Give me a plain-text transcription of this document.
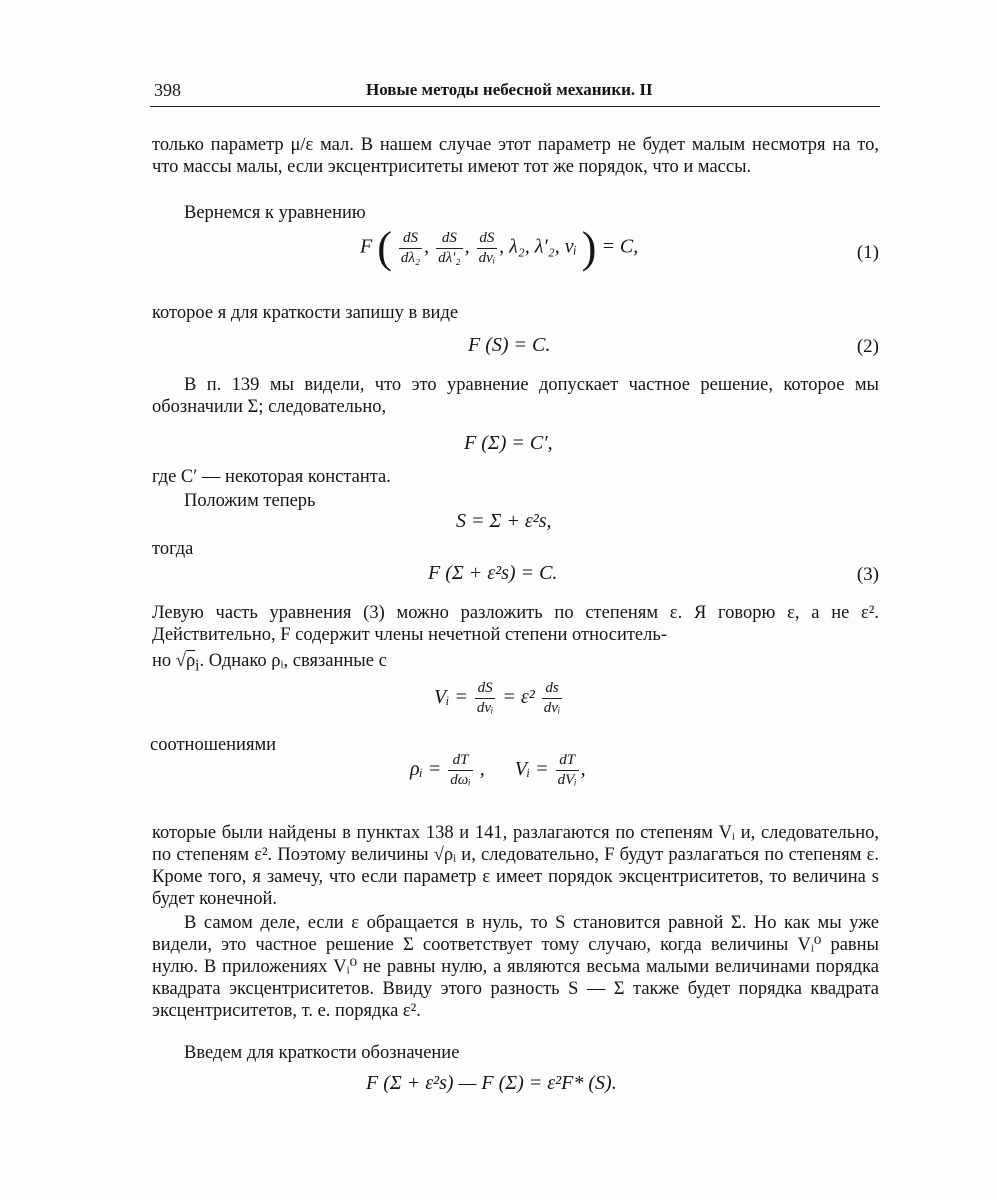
398	Новые методы небесной механики. II
только параметр μ/ε мал. В нашем случае этот параметр не будет малым несмотря на то, что массы малы, если эксцентриситеты имеют тот же порядок, что и массы.
Вернемся к уравнению
F ( $\frac{dS}{\text{dλ₂}}$ , $\frac{dS}{\text{dλ′₂}}$ , $\frac{dS}{\text{dνᵢ}}$ , λ₂, λ′₂, νᵢ ) = C,	(1)
которое я для краткости запишу в виде
F (S) = C.	(2)
В п. 139 мы видели, что это уравнение допускает частное решение, которое мы обозначили Σ; следовательно,
F (Σ) = C′,
где C′ — некоторая константа.
Положим теперь
S = Σ + ε²s,
тогда
F (Σ + ε²s) = C.	(3)
Левую часть уравнения (3) можно разложить по степеням ε. Я говорю ε, а не ε². Действительно, F содержит члены нечетной степени относитель-
но $√\rho_i$. Однако ρᵢ, связанные с
Vᵢ = $\frac{dS}{\text{dνᵢ}} = \varepsilon^2 \frac{ds}{\text{dνᵢ}}$
соотношениями
ρᵢ = $\frac{dT}{\text{dωᵢ}}$ ,      Vᵢ = $\frac{dT}{\text{dVᵢ}}$ ,
которые были найдены в пунктах 138 и 141, разлагаются по степеням Vᵢ и, следовательно, по степеням ε². Поэтому величины √ρᵢ и, следовательно, F будут разлагаться по степеням ε. Кроме того, я замечу, что если параметр ε имеет порядок эксцентриситетов, то величина s будет конечной.
В самом деле, если ε обращается в нуль, то S становится равной Σ. Но как мы уже видели, это частное решение Σ соответствует тому случаю, когда величины Vᵢ⁰ равны нулю. В приложениях Vᵢ⁰ не равны нулю, а являются весьма малыми величинами порядка квадрата эксцентриситетов. Ввиду этого разность S — Σ также будет порядка квадрата эксцентриситетов, т. е. порядка ε².
Введем для краткости обозначение
F (Σ + ε²s) — F (Σ) = ε²F* (S).
